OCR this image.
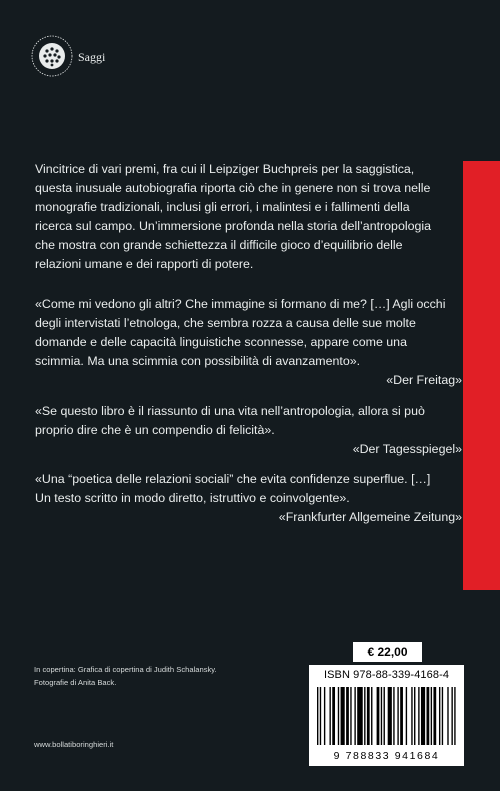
Saggi

Vincitrice di vari premi, fra cui il Leipziger Buchpreis per la saggistica, questa inusuale autobiografia riporta ciò che in genere non si trova nelle monografie tradizionali, inclusi gli errori, i malintesi e i fallimenti della ricerca sul campo. Un’immersione profonda nella storia dell’antropologia che mostra con grande schiettezza il difficile gioco d’equilibrio delle relazioni umane e dei rapporti di potere.

«Come mi vedono gli altri? Che immagine si formano di me? […] Agli occhi degli intervistati l’etnologa, che sembra rozza a causa delle sue molte domande e delle capacità linguistiche sconnesse, appare come una scimmia. Ma una scimmia con possibilità di avanzamento».

«Der Freitag»

«Se questo libro è il riassunto di una vita nell’antropologia, allora si può proprio dire che è un compendio di felicità».

«Der Tagesspiegel»

«Una “poetica delle relazioni sociali” che evita confidenze superflue. […] Un testo scritto in modo diretto, istruttivo e coinvolgente».

«Frankfurter Allgemeine Zeitung»

In copertina: Grafica di copertina di Judith Schalansky.
Fotografie di Anita Back.
www.bollatiboringhieri.it
€ 22,00
ISBN 978-88-339-4168-4
9 788833 941684
